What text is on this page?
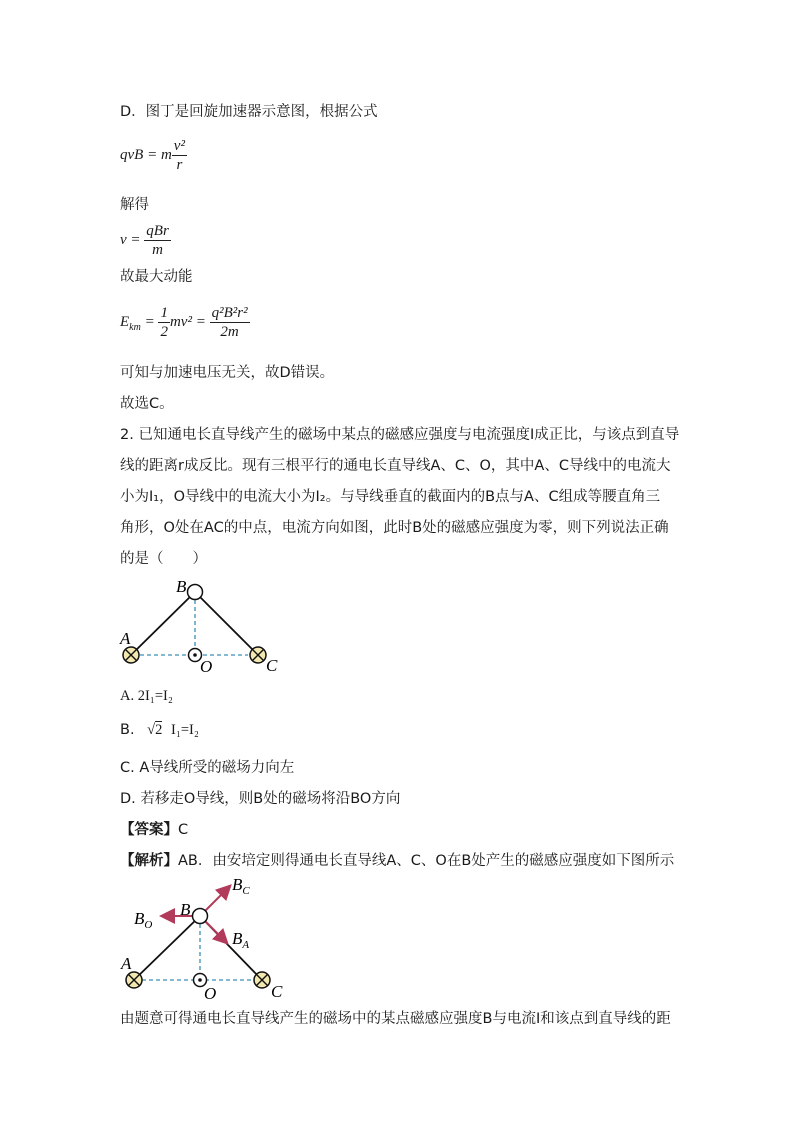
D．图丁是回旋加速器示意图，根据公式
qvB = m $\frac{\text{v²}}{r}$
解得
$v = \frac{\text{qBr}}{m}$
故最大动能
$E_{km} = \frac{1}{2} mv^2 = \frac{\text{q²B²r²}}{2m}$
可知与加速电压无关，故D错误。
故选C。
2. 已知通电长直导线产生的磁场中某点的磁感应强度与电流强度I成正比，与该点到直导
线的距离r成反比。现有三根平行的通电长直导线A、C、O，其中A、C导线中的电流大
小为I₁，O导线中的电流大小为I₂。与导线垂直的截面内的B点与A、C组成等腰直角三
角形，O处在AC的中点，电流方向如图，此时B处的磁感应强度为零，则下列说法正确
的是（　　）
B
A
C
O
A. 2I₁=I₂
B. √2 I₁=I₂
C. A导线所受的磁场力向左
D. 若移走O导线，则B处的磁场将沿BO方向
【答案】C
【解析】AB．由安培定则得通电长直导线A、C、O在B处产生的磁感应强度如下图所示
B
A
C
O
$B_C$
$B_O$
$B_A$
由题意可得通电长直导线产生的磁场中的某点磁感应强度B与电流I和该点到直导线的距
